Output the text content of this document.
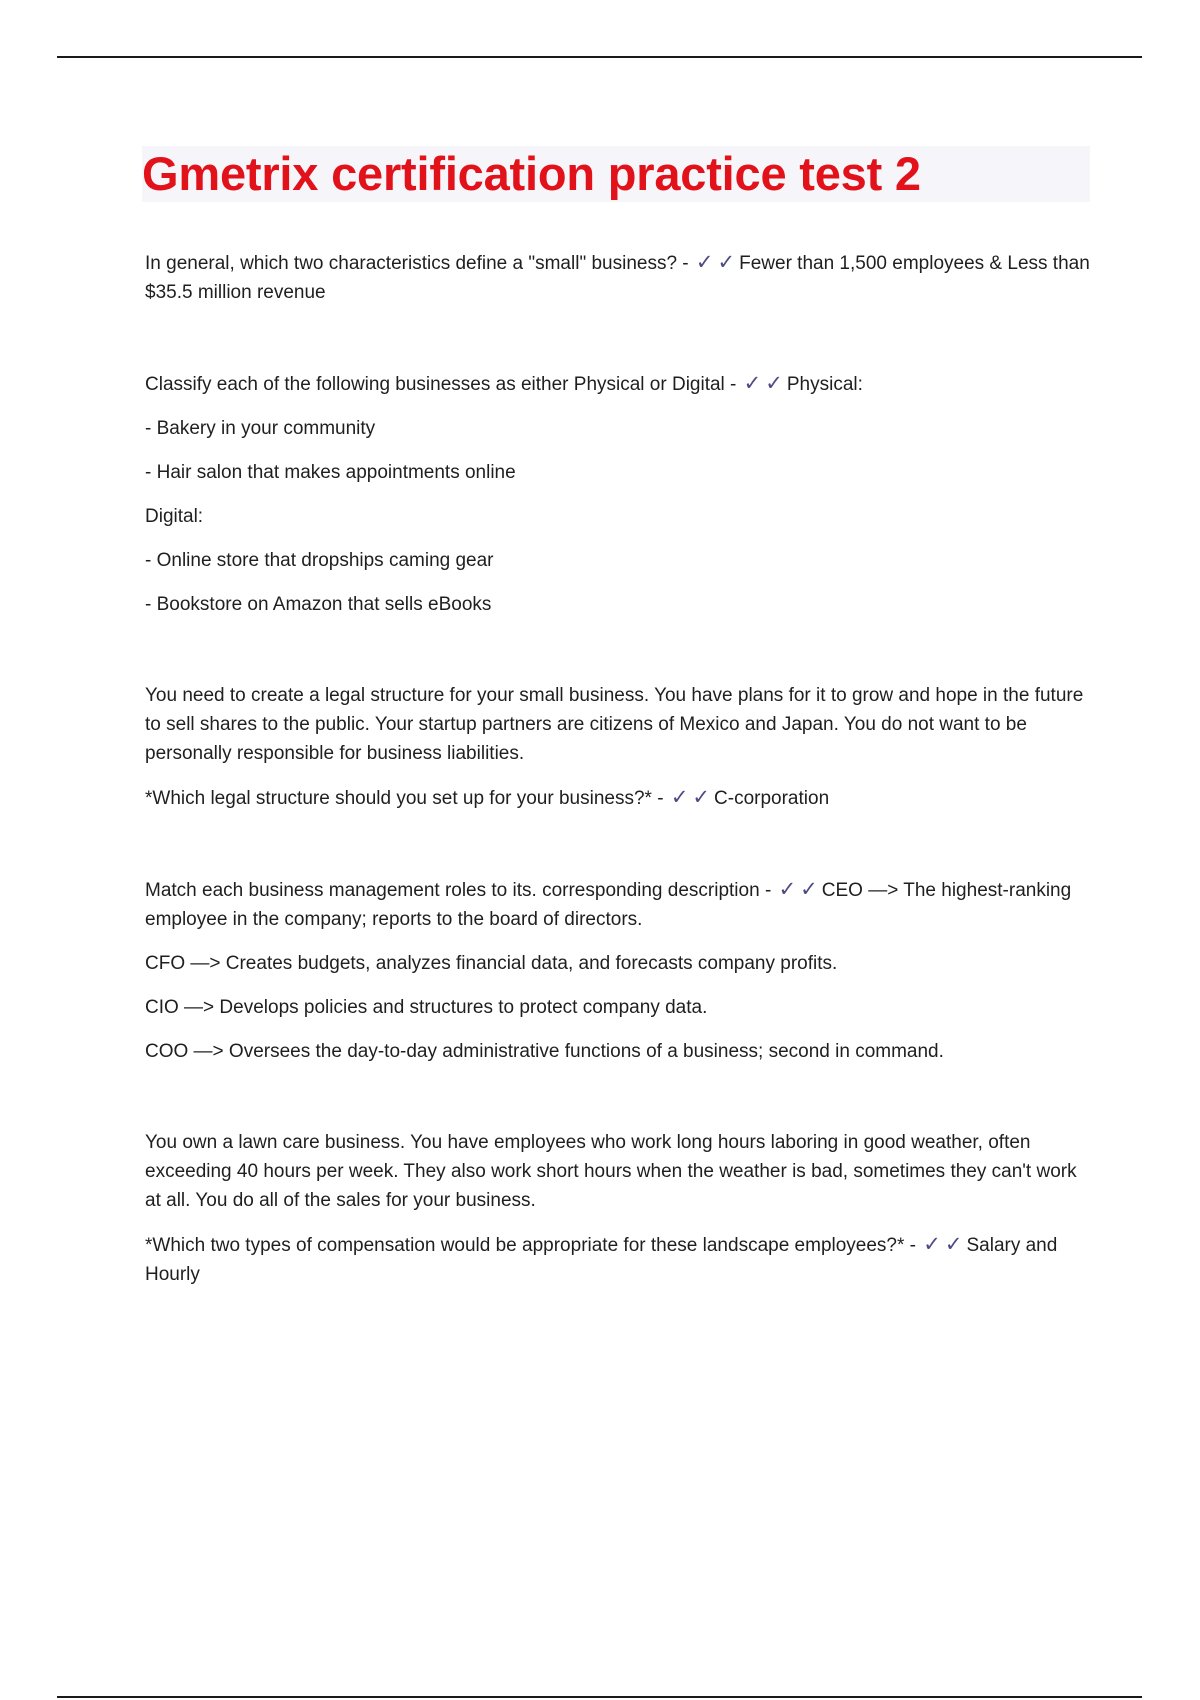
Gmetrix certification practice test 2

In general, which two characteristics define a "small" business? - ✓✓Fewer than 1,500 employees & Less than $35.5 million revenue

Classify each of the following businesses as either Physical or Digital - ✓✓Physical:

- Bakery in your community

- Hair salon that makes appointments online

Digital:

- Online store that dropships caming gear

- Bookstore on Amazon that sells eBooks

You need to create a legal structure for your small business. You have plans for it to grow and hope in the future to sell shares to the public. Your startup partners are citizens of Mexico and Japan. You do not want to be personally responsible for business liabilities.

*Which legal structure should you set up for your business?* - ✓✓C-corporation

Match each business management roles to its. corresponding description - ✓✓CEO —> The highest-ranking employee in the company; reports to the board of directors.

CFO —> Creates budgets, analyzes financial data, and forecasts company profits.

CIO —> Develops policies and structures to protect company data.

COO —> Oversees the day-to-day administrative functions of a business; second in command.

You own a lawn care business. You have employees who work long hours laboring in good weather, often exceeding 40 hours per week. They also work short hours when the weather is bad, sometimes they can't work at all. You do all of the sales for your business.

*Which two types of compensation would be appropriate for these landscape employees?* - ✓✓Salary and Hourly
